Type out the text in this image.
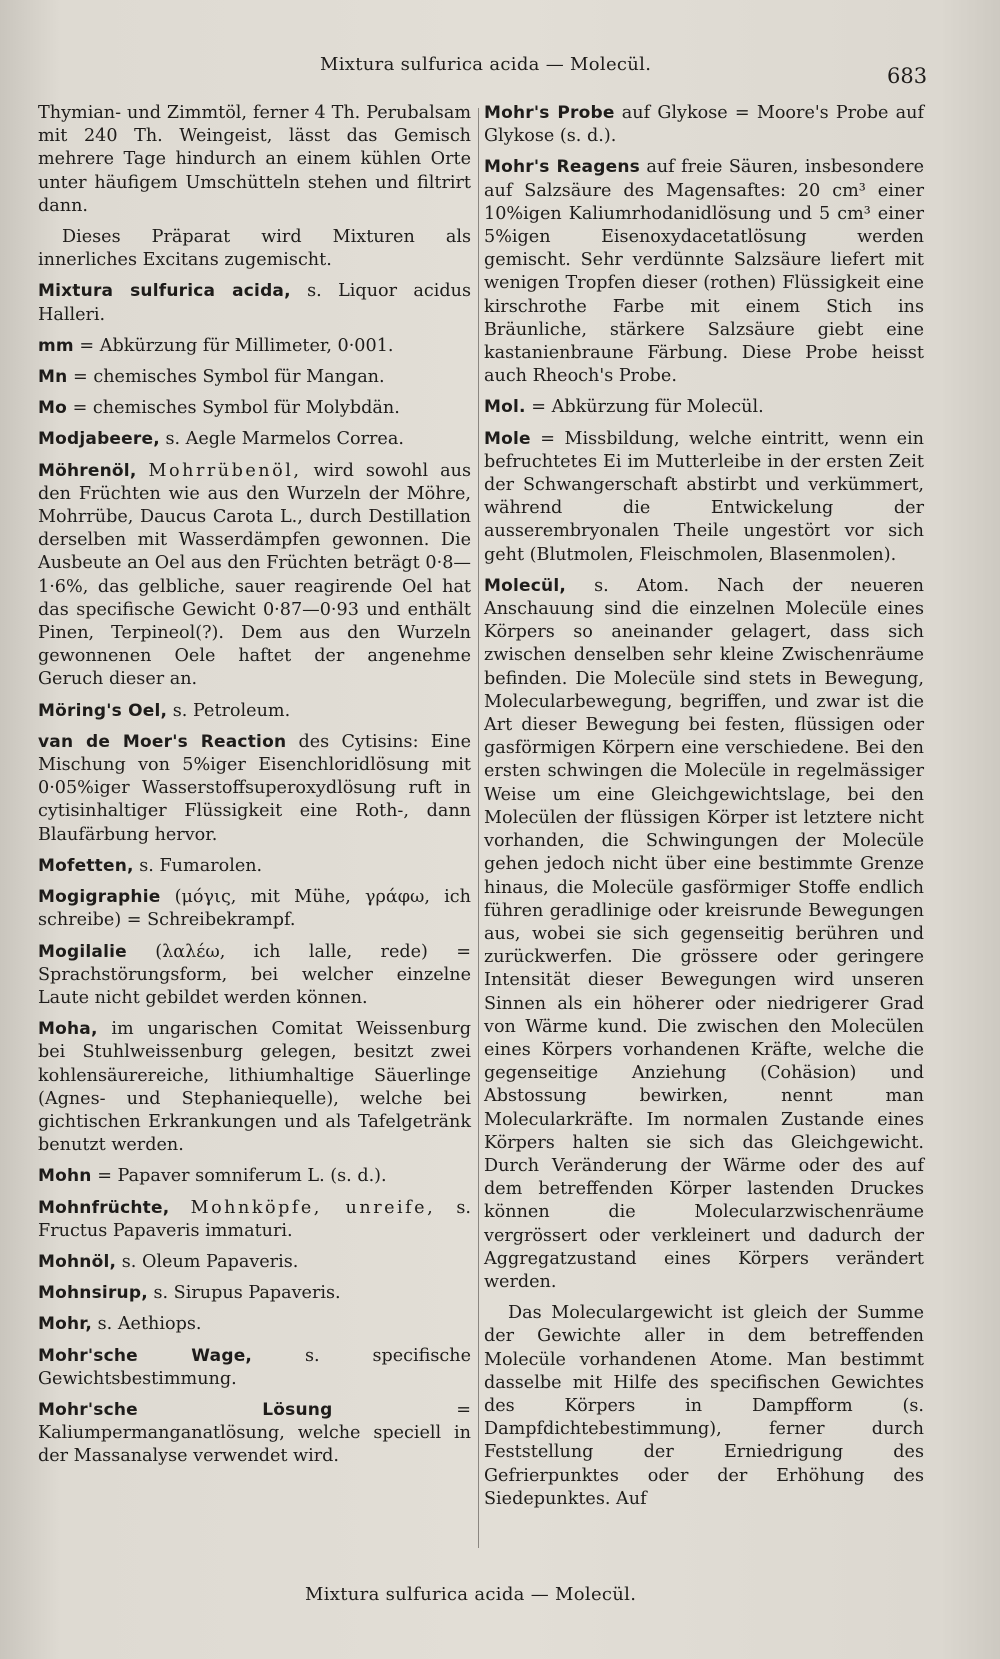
Mixtura sulfurica acida — Molecül.	683

Thymian- und Zimmtöl, ferner 4 Th. Perubalsam mit 240 Th. Weingeist, lässt das Gemisch mehrere Tage hindurch an einem kühlen Orte unter häufigem Umschütteln stehen und filtrirt dann.

Dieses Präparat wird Mixturen als innerliches Excitans zugemischt.

Mixtura sulfurica acida, s. Liquor acidus Halleri.

mm = Abkürzung für Millimeter, 0·001.

Mn = chemisches Symbol für Mangan.

Mo = chemisches Symbol für Molybdän.

Modjabeere, s. Aegle Marmelos Correa.

Möhrenöl, Mohrrübenöl, wird sowohl aus den Früchten wie aus den Wurzeln der Möhre, Mohrrübe, Daucus Carota L., durch Destillation derselben mit Wasserdämpfen gewonnen. Die Ausbeute an Oel aus den Früchten beträgt 0·8—1·6%, das gelbliche, sauer reagirende Oel hat das specifische Gewicht 0·87—0·93 und enthält Pinen, Terpineol(?). Dem aus den Wurzeln gewonnenen Oele haftet der angenehme Geruch dieser an.

Möring's Oel, s. Petroleum.

van de Moer's Reaction des Cytisins: Eine Mischung von 5%iger Eisenchloridlösung mit 0·05%iger Wasserstoffsuperoxydlösung ruft in cytisinhaltiger Flüssigkeit eine Roth-, dann Blaufärbung hervor.

Mofetten, s. Fumarolen.

Mogigraphie (μόγις, mit Mühe, γράφω, ich schreibe) = Schreibekrampf.

Mogilalie (λαλέω, ich lalle, rede) = Sprachstörungsform, bei welcher einzelne Laute nicht gebildet werden können.

Moha, im ungarischen Comitat Weissenburg bei Stuhlweissenburg gelegen, besitzt zwei kohlensäurereiche, lithiumhaltige Säuerlinge (Agnes- und Stephaniequelle), welche bei gichtischen Erkrankungen und als Tafelgetränk benutzt werden.

Mohn = Papaver somniferum L. (s. d.).

Mohnfrüchte, Mohnköpfe, unreife, s. Fructus Papaveris immaturi.

Mohnöl, s. Oleum Papaveris.

Mohnsirup, s. Sirupus Papaveris.

Mohr, s. Aethiops.

Mohr'sche Wage, s. specifische Gewichtsbestimmung.

Mohr'sche Lösung = Kaliumpermanganatlösung, welche speciell in der Massanalyse verwendet wird.

Mohr's Probe auf Glykose = Moore's Probe auf Glykose (s. d.).

Mohr's Reagens auf freie Säuren, insbesondere auf Salzsäure des Magensaftes: 20 cm³ einer 10%igen Kaliumrhodanidlösung und 5 cm³ einer 5%igen Eisenoxydacetatlösung werden gemischt. Sehr verdünnte Salzsäure liefert mit wenigen Tropfen dieser (rothen) Flüssigkeit eine kirschrothe Farbe mit einem Stich ins Bräunliche, stärkere Salzsäure giebt eine kastanienbraune Färbung. Diese Probe heisst auch Rheoch's Probe.

Mol. = Abkürzung für Molecül.

Mole = Missbildung, welche eintritt, wenn ein befruchtetes Ei im Mutterleibe in der ersten Zeit der Schwangerschaft abstirbt und verkümmert, während die Entwickelung der ausserembryonalen Theile ungestört vor sich geht (Blutmolen, Fleischmolen, Blasenmolen).

Molecül, s. Atom. Nach der neueren Anschauung sind die einzelnen Molecüle eines Körpers so aneinander gelagert, dass sich zwischen denselben sehr kleine Zwischenräume befinden. Die Molecüle sind stets in Bewegung, Molecularbewegung, begriffen, und zwar ist die Art dieser Bewegung bei festen, flüssigen oder gasförmigen Körpern eine verschiedene. Bei den ersten schwingen die Molecüle in regelmässiger Weise um eine Gleichgewichtslage, bei den Molecülen der flüssigen Körper ist letztere nicht vorhanden, die Schwingungen der Molecüle gehen jedoch nicht über eine bestimmte Grenze hinaus, die Molecüle gasförmiger Stoffe endlich führen geradlinige oder kreisrunde Bewegungen aus, wobei sie sich gegenseitig berühren und zurückwerfen. Die grössere oder geringere Intensität dieser Bewegungen wird unseren Sinnen als ein höherer oder niedrigerer Grad von Wärme kund. Die zwischen den Molecülen eines Körpers vorhandenen Kräfte, welche die gegenseitige Anziehung (Cohäsion) und Abstossung bewirken, nennt man Molecularkräfte. Im normalen Zustande eines Körpers halten sie sich das Gleichgewicht. Durch Veränderung der Wärme oder des auf dem betreffenden Körper lastenden Druckes können die Molecularzwischenräume vergrössert oder verkleinert und dadurch der Aggregatzustand eines Körpers verändert werden.

Das Moleculargewicht ist gleich der Summe der Gewichte aller in dem betreffenden Molecüle vorhandenen Atome. Man bestimmt dasselbe mit Hilfe des specifischen Gewichtes des Körpers in Dampfform (s. Dampfdichtebestimmung), ferner durch Feststellung der Erniedrigung des Gefrierpunktes oder der Erhöhung des Siedepunktes. Auf

Mixtura sulfurica acida — Molecül.
